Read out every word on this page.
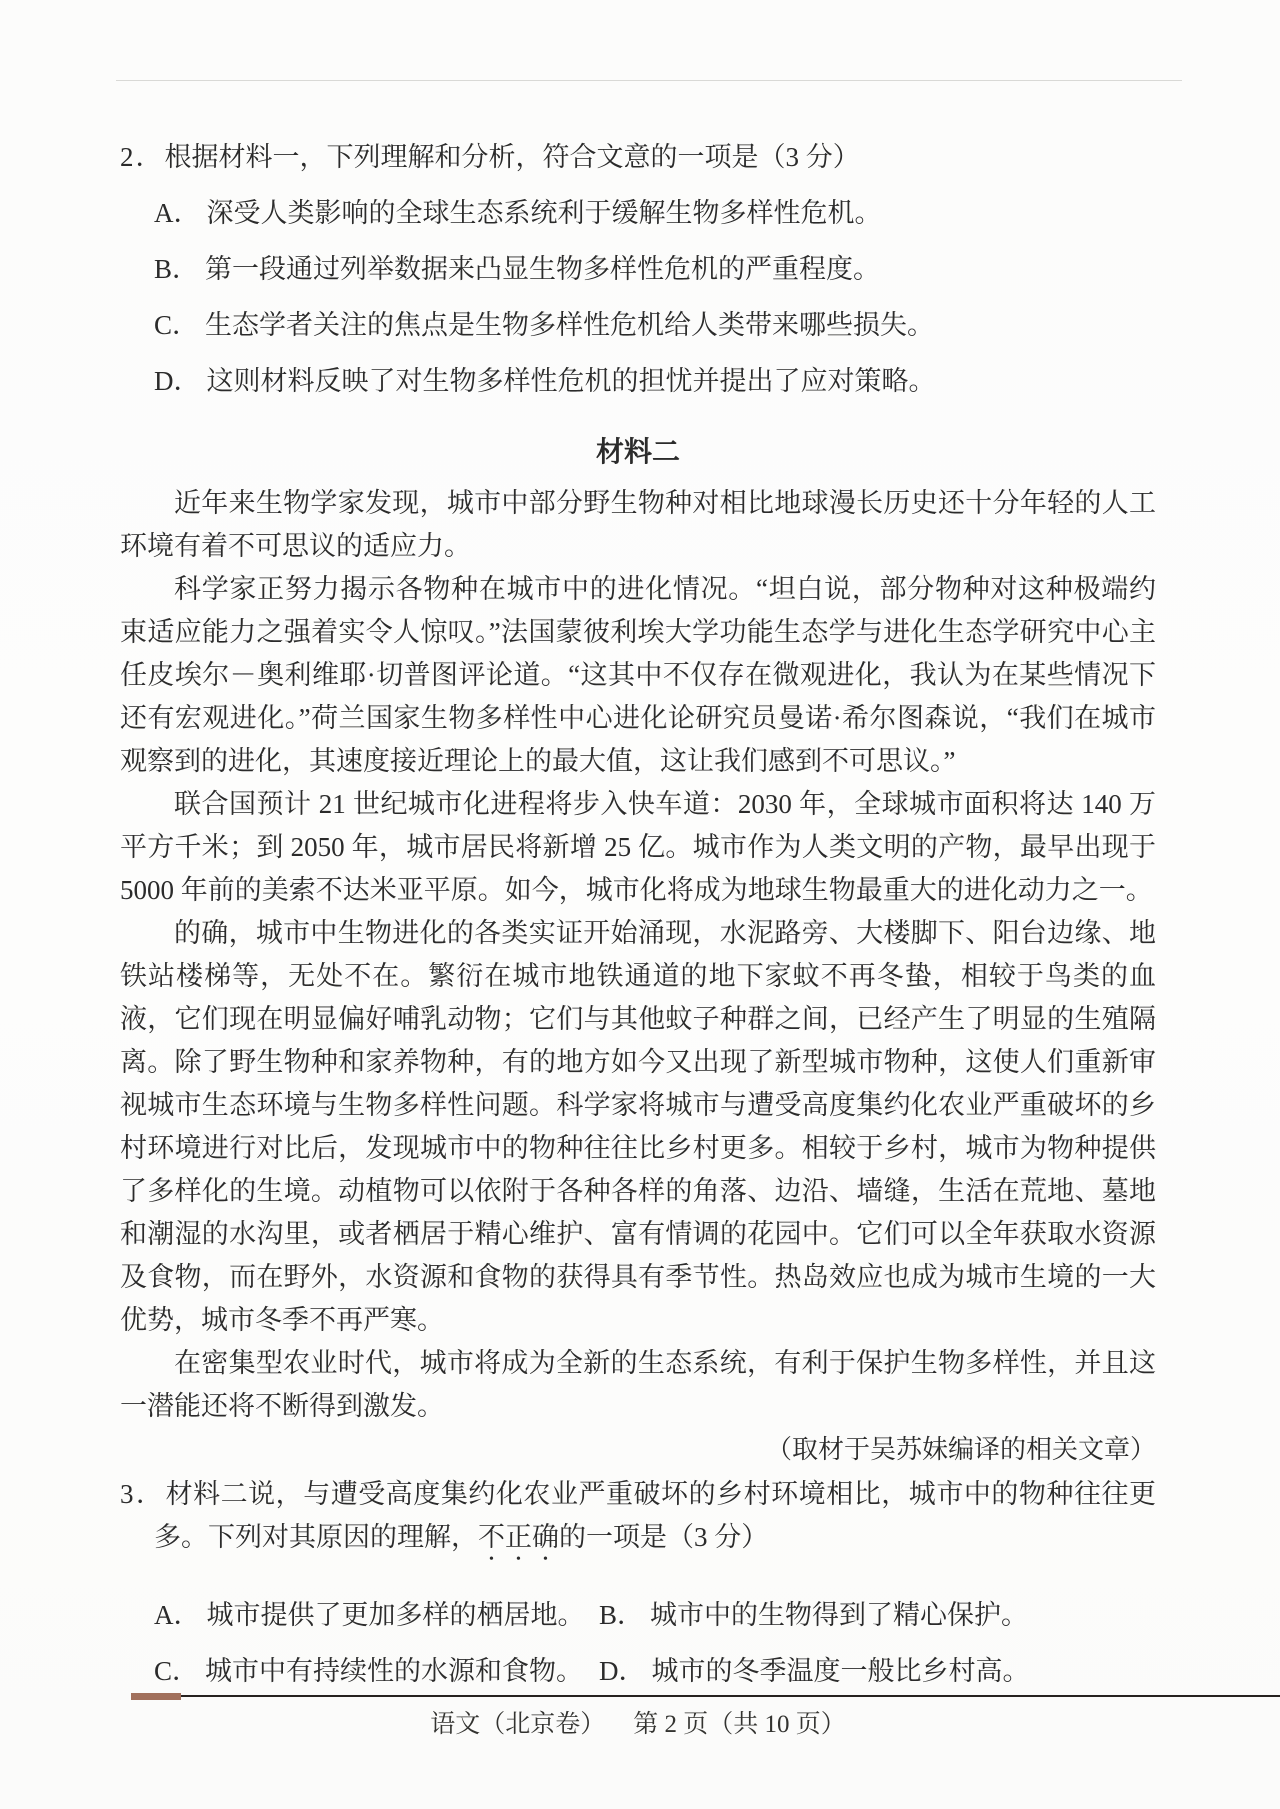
2．根据材料一，下列理解和分析，符合文意的一项是（3 分）

A． 深受人类影响的全球生态系统利于缓解生物多样性危机。
B． 第一段通过列举数据来凸显生物多样性危机的严重程度。
C． 生态学者关注的焦点是生物多样性危机给人类带来哪些损失。
D． 这则材料反映了对生物多样性危机的担忧并提出了应对策略。
材料二

近年来生物学家发现，城市中部分野生物种对相比地球漫长历史还十分年轻的人工环境有着不可思议的适应力。

科学家正努力揭示各物种在城市中的进化情况。“坦白说，部分物种对这种极端约束适应能力之强着实令人惊叹。”法国蒙彼利埃大学功能生态学与进化生态学研究中心主任皮埃尔－奥利维耶·切普图评论道。“这其中不仅存在微观进化，我认为在某些情况下还有宏观进化。”荷兰国家生物多样性中心进化论研究员曼诺·希尔图森说，“我们在城市观察到的进化，其速度接近理论上的最大值，这让我们感到不可思议。”

联合国预计 21 世纪城市化进程将步入快车道：2030 年，全球城市面积将达 140 万平方千米；到 2050 年，城市居民将新增 25 亿。城市作为人类文明的产物，最早出现于 5000 年前的美索不达米亚平原。如今，城市化将成为地球生物最重大的进化动力之一。

的确，城市中生物进化的各类实证开始涌现，水泥路旁、大楼脚下、阳台边缘、地铁站楼梯等，无处不在。繁衍在城市地铁通道的地下家蚊不再冬蛰，相较于鸟类的血液，它们现在明显偏好哺乳动物；它们与其他蚊子种群之间，已经产生了明显的生殖隔离。除了野生物种和家养物种，有的地方如今又出现了新型城市物种，这使人们重新审视城市生态环境与生物多样性问题。科学家将城市与遭受高度集约化农业严重破坏的乡村环境进行对比后，发现城市中的物种往往比乡村更多。相较于乡村，城市为物种提供了多样化的生境。动植物可以依附于各种各样的角落、边沿、墙缝，生活在荒地、墓地和潮湿的水沟里，或者栖居于精心维护、富有情调的花园中。它们可以全年获取水资源及食物，而在野外，水资源和食物的获得具有季节性。热岛效应也成为城市生境的一大优势，城市冬季不再严寒。

在密集型农业时代，城市将成为全新的生态系统，有利于保护生物多样性，并且这一潜能还将不断得到激发。

（取材于吴苏妹编译的相关文章）

3．材料二说，与遭受高度集约化农业严重破坏的乡村环境相比，城市中的物种往往更多。下列对其原因的理解，不正确的一项是（3 分）

A． 城市提供了更加多样的栖居地。 B． 城市中的生物得到了精心保护。
C． 城市中有持续性的水源和食物。 D． 城市的冬季温度一般比乡村高。
语文（北京卷） 第 2 页（共 10 页）
